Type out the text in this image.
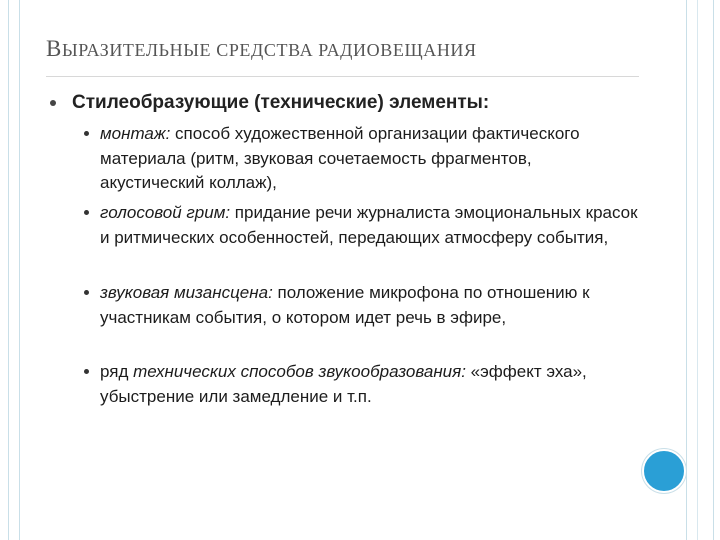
ВЫРАЗИТЕЛЬНЫЕ СРЕДСТВА РАДИОВЕЩАНИЯ
Стилеобразующие (технические) элементы:
монтаж: способ художественной организации фактического материала (ритм, звуковая сочетаемость фрагментов, акустический коллаж),
голосовой грим: придание речи журналиста эмоциональных красок и ритмических особенностей, передающих атмосферу события,
звуковая мизансцена: положение микрофона по отношению к участникам события, о котором идет речь в эфире,
ряд технических способов звукообразования: «эффект эха», убыстрение или замедление и т.п.
